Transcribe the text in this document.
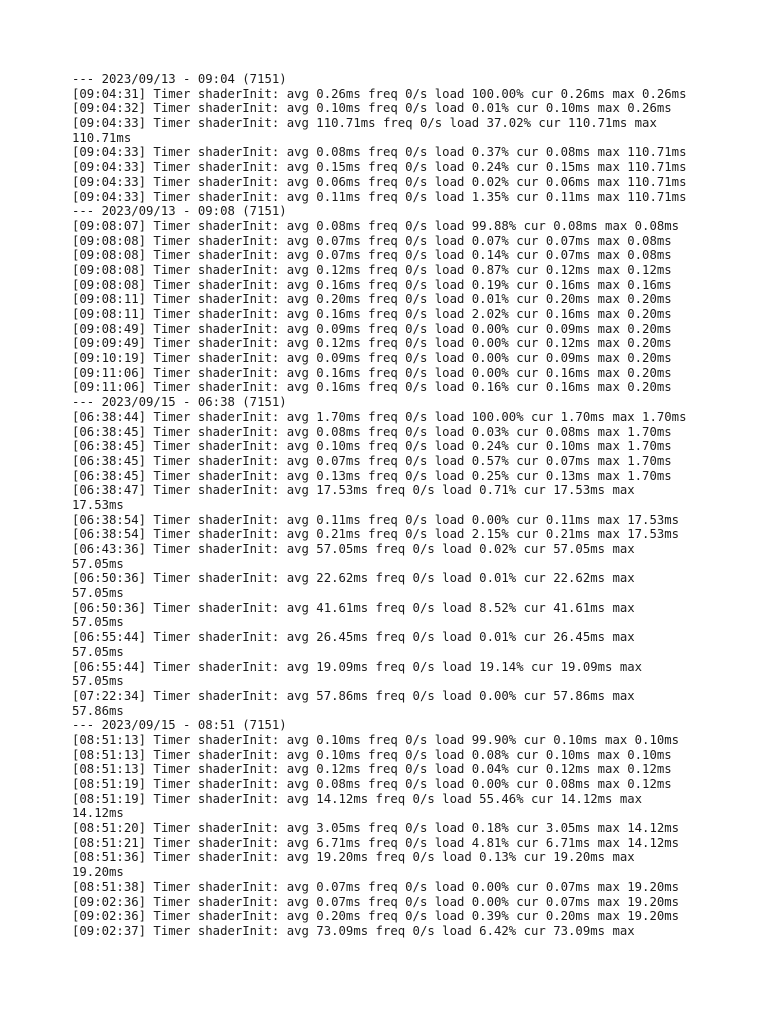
--- 2023/09/13 - 09:04 (7151)
[09:04:31] Timer shaderInit: avg 0.26ms freq 0/s load 100.00% cur 0.26ms max 0.26ms
[09:04:32] Timer shaderInit: avg 0.10ms freq 0/s load 0.01% cur 0.10ms max 0.26ms
[09:04:33] Timer shaderInit: avg 110.71ms freq 0/s load 37.02% cur 110.71ms max
110.71ms
[09:04:33] Timer shaderInit: avg 0.08ms freq 0/s load 0.37% cur 0.08ms max 110.71ms
[09:04:33] Timer shaderInit: avg 0.15ms freq 0/s load 0.24% cur 0.15ms max 110.71ms
[09:04:33] Timer shaderInit: avg 0.06ms freq 0/s load 0.02% cur 0.06ms max 110.71ms
[09:04:33] Timer shaderInit: avg 0.11ms freq 0/s load 1.35% cur 0.11ms max 110.71ms
--- 2023/09/13 - 09:08 (7151)
[09:08:07] Timer shaderInit: avg 0.08ms freq 0/s load 99.88% cur 0.08ms max 0.08ms
[09:08:08] Timer shaderInit: avg 0.07ms freq 0/s load 0.07% cur 0.07ms max 0.08ms
[09:08:08] Timer shaderInit: avg 0.07ms freq 0/s load 0.14% cur 0.07ms max 0.08ms
[09:08:08] Timer shaderInit: avg 0.12ms freq 0/s load 0.87% cur 0.12ms max 0.12ms
[09:08:08] Timer shaderInit: avg 0.16ms freq 0/s load 0.19% cur 0.16ms max 0.16ms
[09:08:11] Timer shaderInit: avg 0.20ms freq 0/s load 0.01% cur 0.20ms max 0.20ms
[09:08:11] Timer shaderInit: avg 0.16ms freq 0/s load 2.02% cur 0.16ms max 0.20ms
[09:08:49] Timer shaderInit: avg 0.09ms freq 0/s load 0.00% cur 0.09ms max 0.20ms
[09:09:49] Timer shaderInit: avg 0.12ms freq 0/s load 0.00% cur 0.12ms max 0.20ms
[09:10:19] Timer shaderInit: avg 0.09ms freq 0/s load 0.00% cur 0.09ms max 0.20ms
[09:11:06] Timer shaderInit: avg 0.16ms freq 0/s load 0.00% cur 0.16ms max 0.20ms
[09:11:06] Timer shaderInit: avg 0.16ms freq 0/s load 0.16% cur 0.16ms max 0.20ms
--- 2023/09/15 - 06:38 (7151)
[06:38:44] Timer shaderInit: avg 1.70ms freq 0/s load 100.00% cur 1.70ms max 1.70ms
[06:38:45] Timer shaderInit: avg 0.08ms freq 0/s load 0.03% cur 0.08ms max 1.70ms
[06:38:45] Timer shaderInit: avg 0.10ms freq 0/s load 0.24% cur 0.10ms max 1.70ms
[06:38:45] Timer shaderInit: avg 0.07ms freq 0/s load 0.57% cur 0.07ms max 1.70ms
[06:38:45] Timer shaderInit: avg 0.13ms freq 0/s load 0.25% cur 0.13ms max 1.70ms
[06:38:47] Timer shaderInit: avg 17.53ms freq 0/s load 0.71% cur 17.53ms max
17.53ms
[06:38:54] Timer shaderInit: avg 0.11ms freq 0/s load 0.00% cur 0.11ms max 17.53ms
[06:38:54] Timer shaderInit: avg 0.21ms freq 0/s load 2.15% cur 0.21ms max 17.53ms
[06:43:36] Timer shaderInit: avg 57.05ms freq 0/s load 0.02% cur 57.05ms max
57.05ms
[06:50:36] Timer shaderInit: avg 22.62ms freq 0/s load 0.01% cur 22.62ms max
57.05ms
[06:50:36] Timer shaderInit: avg 41.61ms freq 0/s load 8.52% cur 41.61ms max
57.05ms
[06:55:44] Timer shaderInit: avg 26.45ms freq 0/s load 0.01% cur 26.45ms max
57.05ms
[06:55:44] Timer shaderInit: avg 19.09ms freq 0/s load 19.14% cur 19.09ms max
57.05ms
[07:22:34] Timer shaderInit: avg 57.86ms freq 0/s load 0.00% cur 57.86ms max
57.86ms
--- 2023/09/15 - 08:51 (7151)
[08:51:13] Timer shaderInit: avg 0.10ms freq 0/s load 99.90% cur 0.10ms max 0.10ms
[08:51:13] Timer shaderInit: avg 0.10ms freq 0/s load 0.08% cur 0.10ms max 0.10ms
[08:51:13] Timer shaderInit: avg 0.12ms freq 0/s load 0.04% cur 0.12ms max 0.12ms
[08:51:19] Timer shaderInit: avg 0.08ms freq 0/s load 0.00% cur 0.08ms max 0.12ms
[08:51:19] Timer shaderInit: avg 14.12ms freq 0/s load 55.46% cur 14.12ms max
14.12ms
[08:51:20] Timer shaderInit: avg 3.05ms freq 0/s load 0.18% cur 3.05ms max 14.12ms
[08:51:21] Timer shaderInit: avg 6.71ms freq 0/s load 4.81% cur 6.71ms max 14.12ms
[08:51:36] Timer shaderInit: avg 19.20ms freq 0/s load 0.13% cur 19.20ms max
19.20ms
[08:51:38] Timer shaderInit: avg 0.07ms freq 0/s load 0.00% cur 0.07ms max 19.20ms
[09:02:36] Timer shaderInit: avg 0.07ms freq 0/s load 0.00% cur 0.07ms max 19.20ms
[09:02:36] Timer shaderInit: avg 0.20ms freq 0/s load 0.39% cur 0.20ms max 19.20ms
[09:02:37] Timer shaderInit: avg 73.09ms freq 0/s load 6.42% cur 73.09ms max
